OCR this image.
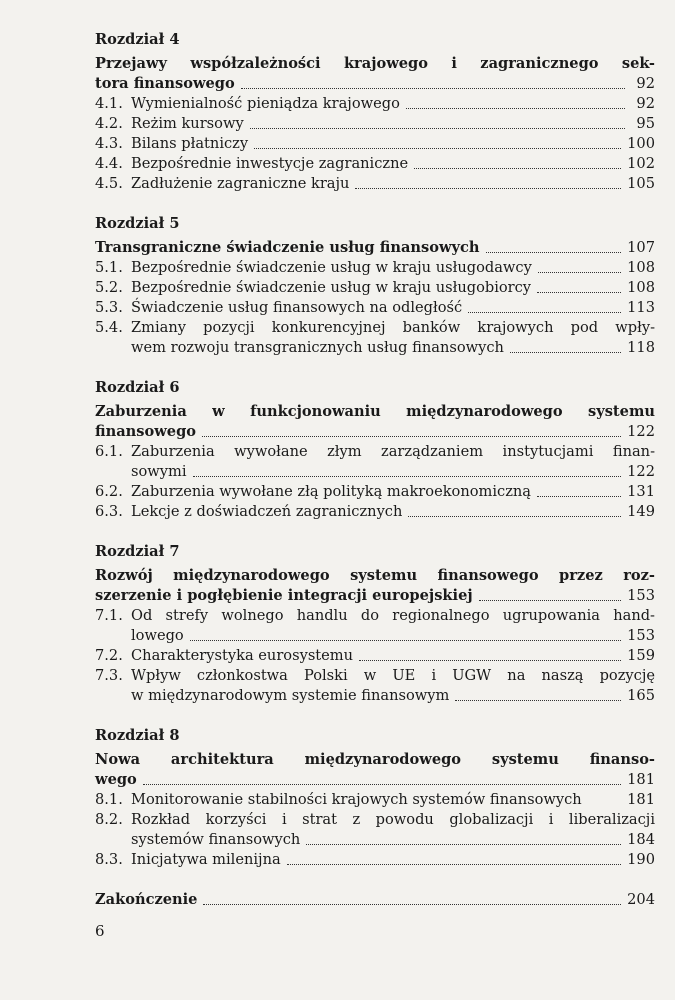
Rozdział 4
Przejawy współzależności krajowego i zagranicznego sek-
tora finansowego	92
4.1. Wymienialność pieniądza krajowego	92
4.2. Reżim kursowy	95
4.3. Bilans płatniczy	100
4.4. Bezpośrednie inwestycje zagraniczne	102
4.5. Zadłużenie zagraniczne kraju	105
Rozdział 5
Transgraniczne świadczenie usług finansowych	107
5.1. Bezpośrednie świadczenie usług w kraju usługodawcy	108
5.2. Bezpośrednie świadczenie usług w kraju usługobiorcy	108
5.3. Świadczenie usług finansowych na odległość	113
5.4. Zmiany pozycji konkurencyjnej banków krajowych pod wpły-
wem rozwoju transgranicznych usług finansowych	118
Rozdział 6
Zaburzenia w funkcjonowaniu międzynarodowego systemu
finansowego	122
6.1. Zaburzenia wywołane złym zarządzaniem instytucjami finan-
sowymi	122
6.2. Zaburzenia wywołane złą polityką makroekonomiczną	131
6.3. Lekcje z doświadczeń zagranicznych	149
Rozdział 7
Rozwój międzynarodowego systemu finansowego przez roz-
szerzenie i pogłębienie integracji europejskiej	153
7.1. Od strefy wolnego handlu do regionalnego ugrupowania hand-
lowego	153
7.2. Charakterystyka eurosystemu	159
7.3. Wpływ członkostwa Polski w UE i UGW na naszą pozycję
w międzynarodowym systemie finansowym	165
Rozdział 8
Nowa architektura międzynarodowego systemu finanso-
wego	181
8.1. Monitorowanie stabilności krajowych systemów finansowych	181
8.2. Rozkład korzyści i strat z powodu globalizacji i liberalizacji
systemów finansowych	184
8.3. Inicjatywa milenijna	190
Zakończenie	204
6
